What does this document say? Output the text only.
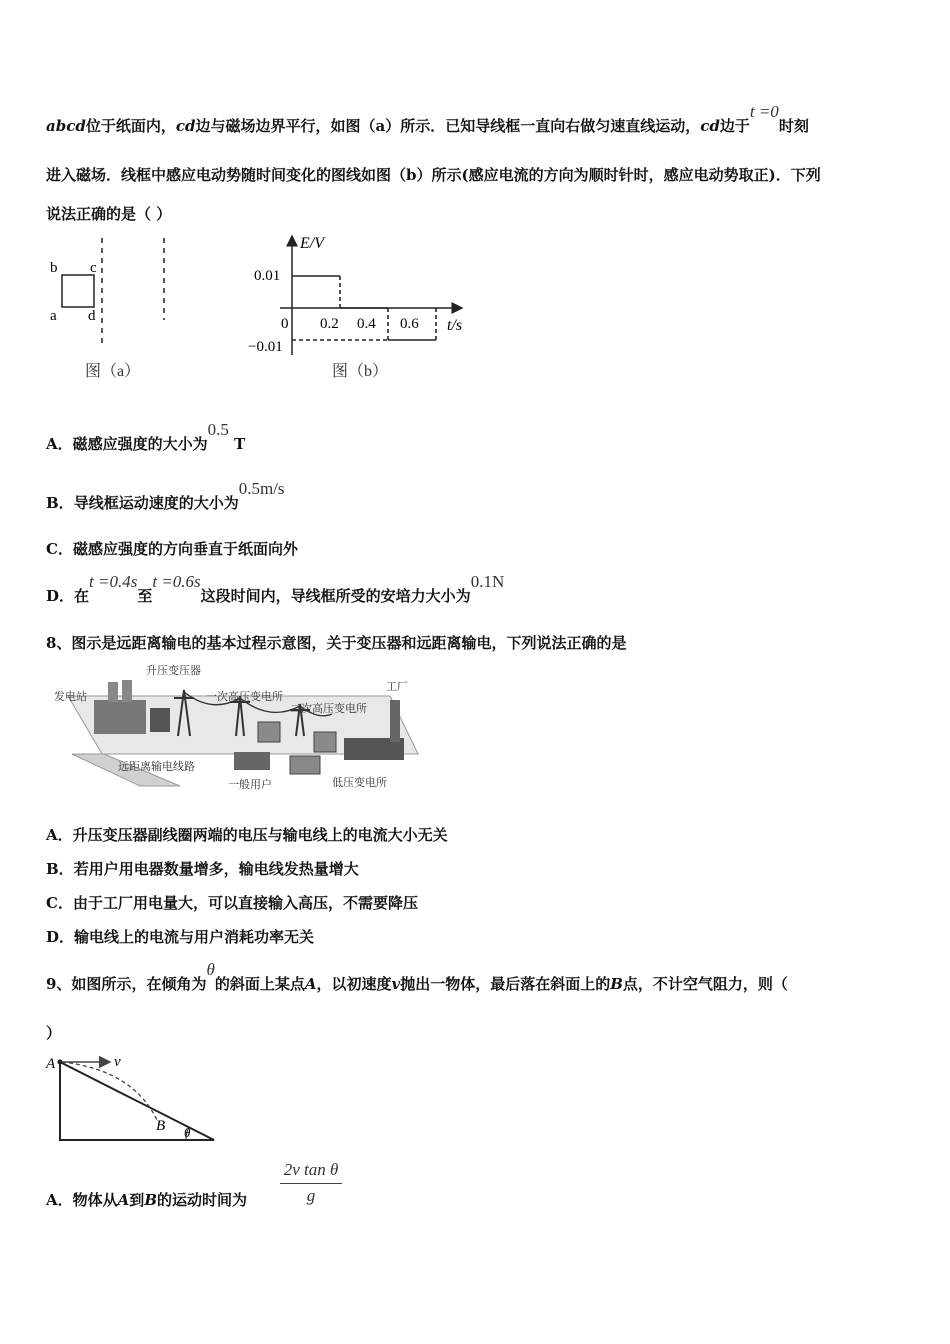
abcd位于纸面内，cd边与磁场边界平行，如图（a）所示．已知导线框一直向右做匀速直线运动，cd边于t =0时刻
进入磁场．线框中感应电动势随时间变化的图线如图（b）所示(感应电流的方向为顺时针时，感应电动势取正)．下列
说法正确的是（ ）
b c
a d
图（a）
E/V
t/s
0.01
−0.01
0 0.2 0.4 0.6
图（b）
A．磁感应强度的大小为0.5 T
B．导线框运动速度的大小为0.5m/s
C．磁感应强度的方向垂直于纸面向外
D．在t =0.4s至t =0.6s这段时间内，导线框所受的安培力大小为0.1N
8、图示是远距离输电的基本过程示意图，关于变压器和远距离输电，下列说法正确的是
发电站
升压变压器
一次高压变电所
二次高压变电所
工厂
远距离输电线路
一般用户	低压变电所
A．升压变压器副线圈两端的电压与输电线上的电流大小无关
B．若用户用电器数量增多，输电线发热量增大
C．由于工厂用电量大，可以直接输入高压，不需要降压
D．输电线上的电流与用户消耗功率无关
9、如图所示，在倾角为θ的斜面上某点A，以初速度v抛出一物体，最后落在斜面上的B点，不计空气阻力，则（
）
A	v
B θ
A．物体从A到B的运动时间为 $\frac{\text{2v tan θ}}{g}$
